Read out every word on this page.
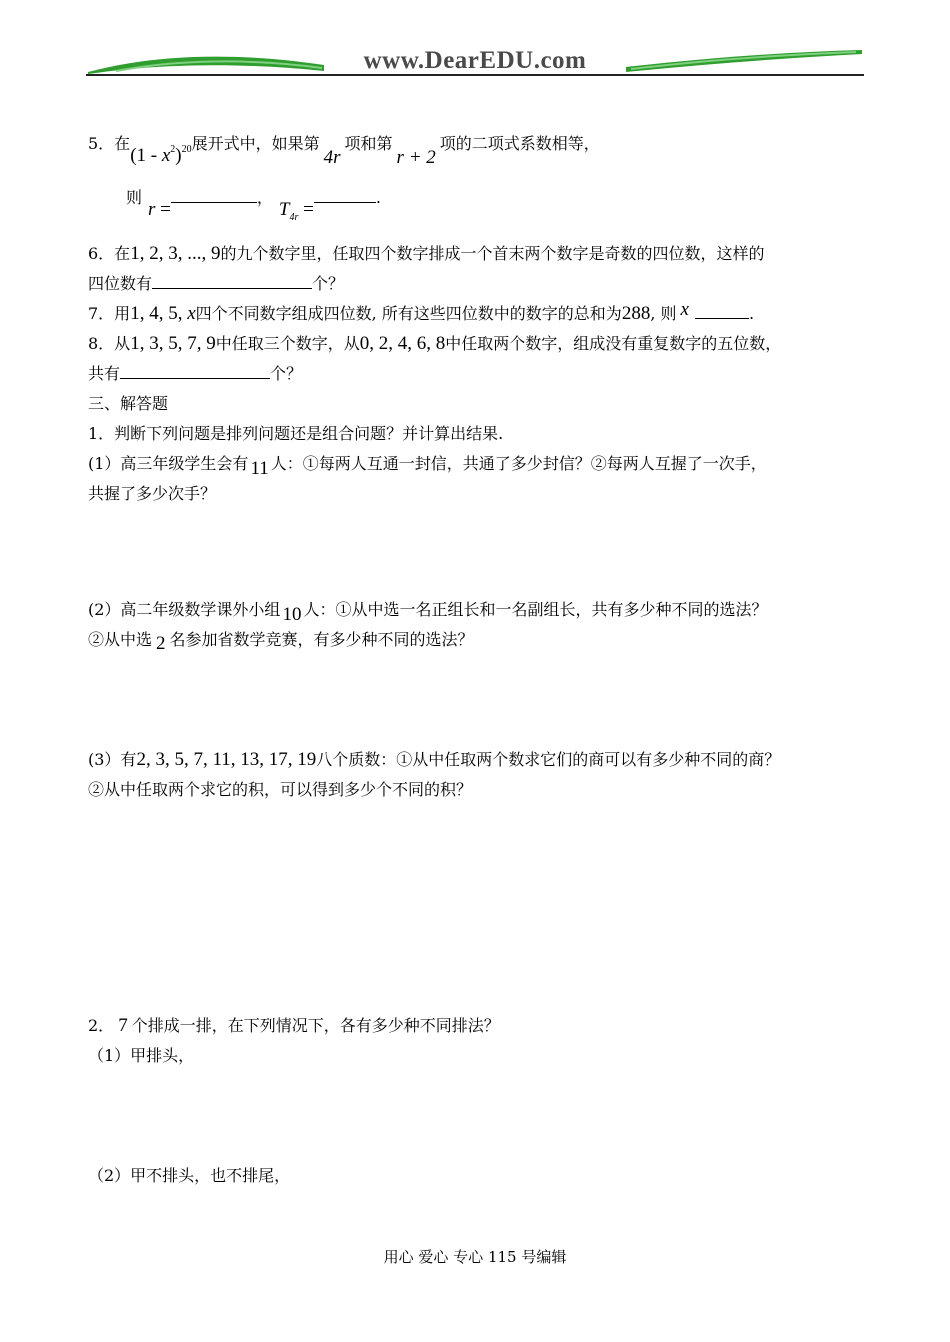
www.DearEDU.com
5．在$(1 - x^2)^{20}$展开式中，如果第4r项和第r + 2项的二项式系数相等，
则r =，$T_{4r}$ =.
6．在1, 2, 3, ..., 9的九个数字里，任取四个数字排成一个首末两个数字是奇数的四位数，这样的
四位数有	个？
7．用1, 4, 5, x四个不同数字组成四位数, 所有这些四位数中的数字的总和为288, 则 x	.
8．从1, 3, 5, 7, 9中任取三个数字，从0, 2, 4, 6, 8中任取两个数字，组成没有重复数字的五位数，
共有	个？
三、解答题
1．判断下列问题是排列问题还是组合问题？并计算出结果.
(1）高三年级学生会有 11 人：①每两人互通一封信，共通了多少封信？②每两人互握了一次手，
共握了多少次手？
(2）高二年级数学课外小组 10 人：①从中选一名正组长和一名副组长，共有多少种不同的选法？
②从中选 2 名参加省数学竞赛，有多少种不同的选法？
(3）有2, 3, 5, 7, 11, 13, 17, 19八个质数：①从中任取两个数求它们的商可以有多少种不同的商？
②从中任取两个求它的积，可以得到多少个不同的积？
2． 7 个排成一排，在下列情况下，各有多少种不同排法？
（1）甲排头，
（2）甲不排头，也不排尾，
用心 爱心 专心 115 号编辑
